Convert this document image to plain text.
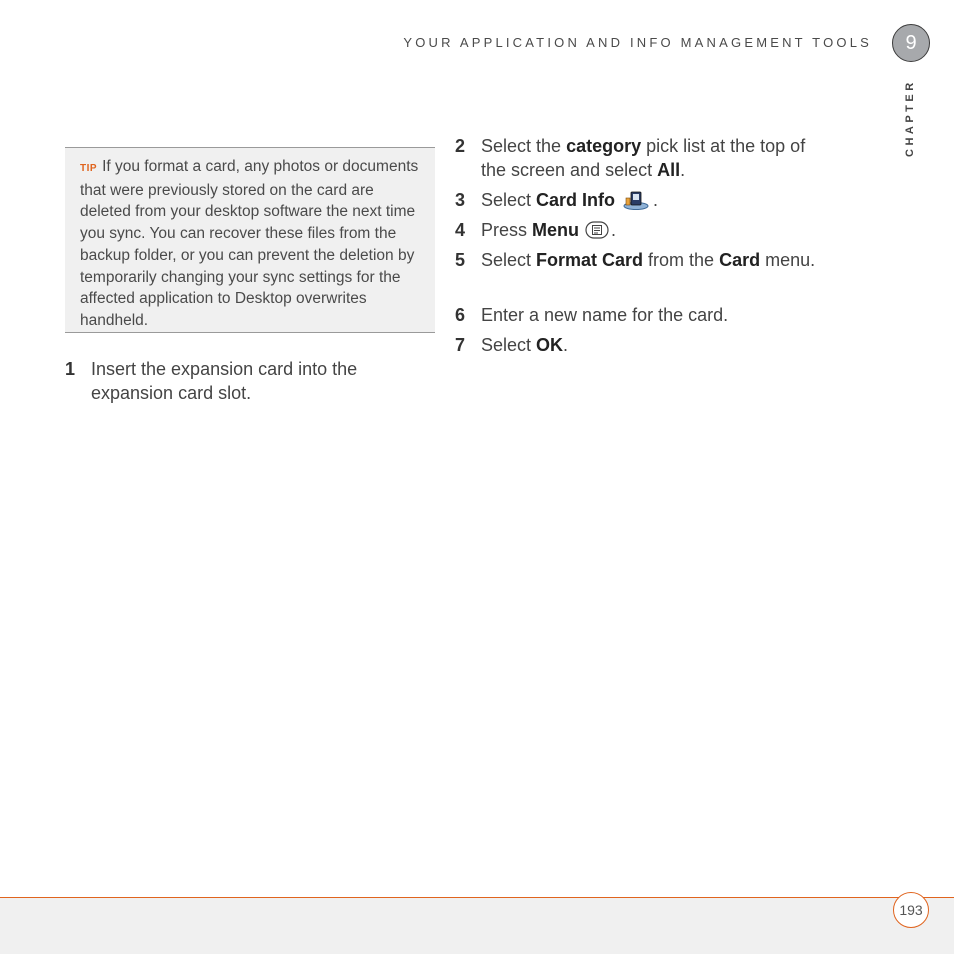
YOUR APPLICATION AND INFO MANAGEMENT TOOLS	9
CHAPTER
TIP If you format a card, any photos or documents that were previously stored on the card are deleted from your desktop software the next time you sync. You can recover these files from the backup folder, or you can prevent the deletion by temporarily changing your sync settings for the affected application to Desktop overwrites handheld.
1 Insert the expansion card into the expansion card slot.
2 Select the category pick list at the top of the screen and select All.
3 Select Card Info .
4 Press Menu .
5 Select Format Card from the Card menu.
6 Enter a new name for the card.
7 Select OK.
193
